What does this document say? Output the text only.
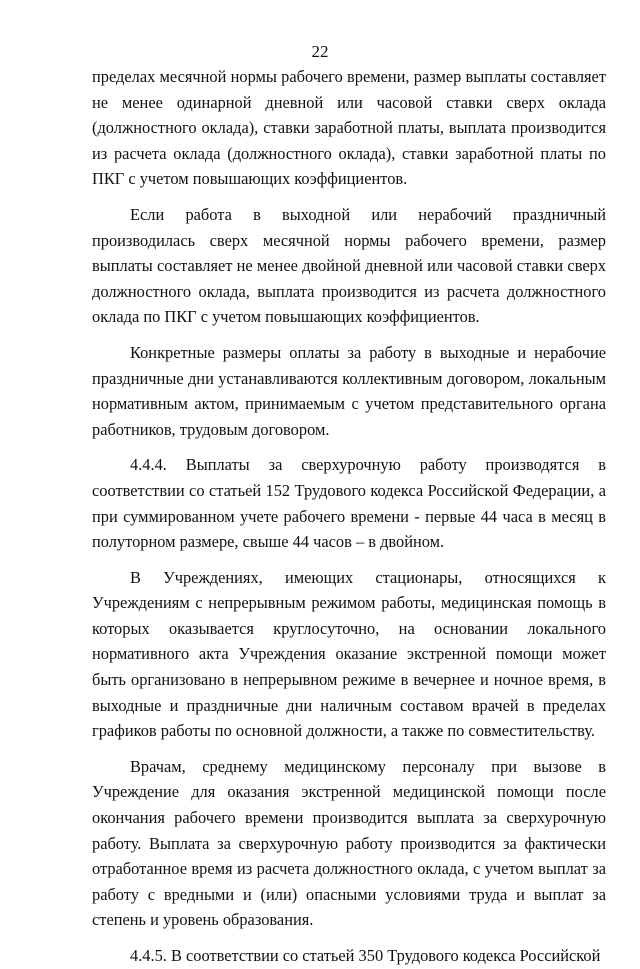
22

пределах месячной нормы рабочего времени, размер выплаты составляет не менее одинарной дневной или часовой ставки сверх оклада (должностного оклада), ставки заработной платы, выплата производится из расчета оклада (должностного оклада), ставки заработной платы по ПКГ с учетом повышающих коэффициентов.

Если работа в выходной или нерабочий праздничный производилась сверх месячной нормы рабочего времени, размер выплаты составляет не менее двойной дневной или часовой ставки сверх должностного оклада, выплата производится из расчета должностного оклада по ПКГ с учетом повышающих коэффициентов.

Конкретные размеры оплаты за работу в выходные и нерабочие праздничные дни устанавливаются коллективным договором, локальным нормативным актом, принимаемым с учетом представительного органа работников, трудовым договором.

4.4.4. Выплаты за сверхурочную работу производятся в соответствии со статьей 152 Трудового кодекса Российской Федерации, а при суммированном учете рабочего времени - первые 44 часа в месяц в полуторном размере, свыше 44 часов – в двойном.

В Учреждениях, имеющих стационары, относящихся к Учреждениям с непрерывным режимом работы, медицинская помощь в которых оказывается круглосуточно, на основании локального нормативного акта Учреждения оказание экстренной помощи может быть организовано в непрерывном режиме в вечернее и ночное время, в выходные и праздничные дни наличным составом врачей в пределах графиков работы по основной должности, а также по совместительству.

Врачам, среднему медицинскому персоналу при вызове в Учреждение для оказания экстренной медицинской помощи после окончания рабочего времени производится выплата за сверхурочную работу. Выплата за сверхурочную работу производится за фактически отработанное время из расчета должностного оклада, с учетом выплат за работу с вредными и (или) опасными условиями труда и выплат за степень и уровень образования.

4.4.5. В соответствии со статьей 350 Трудового кодекса Российской
